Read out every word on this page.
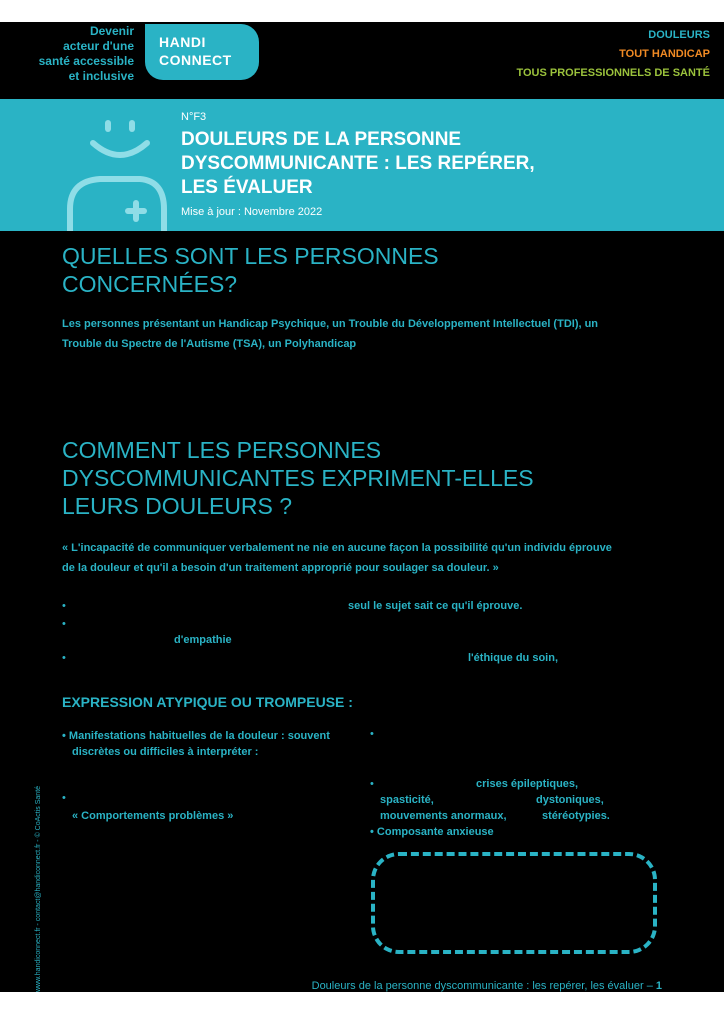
Devenir
acteur d'une
santé accessible
et inclusive
HANDI
CONNECT
DOULEURS
TOUT HANDICAP
TOUS PROFESSIONNELS DE SANTÉ
N°F3
DOULEURS DE LA PERSONNE
DYSCOMMUNICANTE : LES REPÉRER,
LES ÉVALUER
Mise à jour : Novembre 2022
QUELLES SONT LES PERSONNES
CONCERNÉES?
Les personnes présentant un Handicap Psychique, un Trouble du Développement Intellectuel (TDI), un
Trouble du Spectre de l'Autisme (TSA), un Polyhandicap
COMMENT LES PERSONNES
DYSCOMMUNICANTES EXPRIMENT-ELLES
LEURS DOULEURS ?
« L'incapacité de communiquer verbalement ne nie en aucune façon la possibilité qu'un individu éprouve
de la douleur et qu'il a besoin d'un traitement approprié pour soulager sa douleur. »
•	seul le sujet sait ce qu'il éprouve.
•
d'empathie
•	l'éthique du soin,
EXPRESSION ATYPIQUE OU TROMPEUSE :
• Manifestations habituelles de la douleur : souvent
discrètes ou difficiles à interpréter :
•
« Comportements problèmes »
•
•	crises épileptiques,
spasticité,	dystoniques,
mouvements anormaux,	stéréotypies.
• Composante anxieuse
www.handiconnect.fr - contact@handiconnect.fr - © CoActis Santé	Douleurs de la personne dyscommunicante : les repérer, les évaluer – 1
